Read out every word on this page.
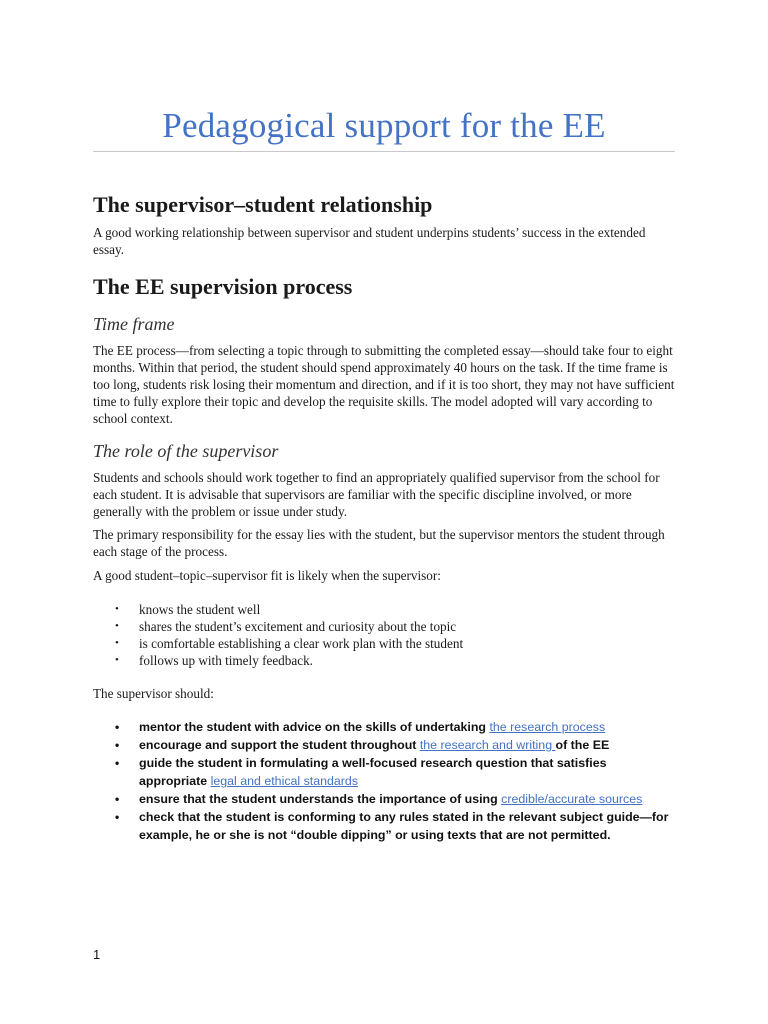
Pedagogical support for the EE
The supervisor–student relationship

A good working relationship between supervisor and student underpins students’ success in the extended essay.

The EE supervision process
Time frame

The EE process—from selecting a topic through to submitting the completed essay—should take four to eight months. Within that period, the student should spend approximately 40 hours on the task. If the time frame is too long, students risk losing their momentum and direction, and if it is too short, they may not have sufficient time to fully explore their topic and develop the requisite skills. The model adopted will vary according to school context.

The role of the supervisor

Students and schools should work together to find an appropriately qualified supervisor from the school for each student. It is advisable that supervisors are familiar with the specific discipline involved, or more generally with the problem or issue under study.

The primary responsibility for the essay lies with the student, but the supervisor mentors the student through each stage of the process.

A good student–topic–supervisor fit is likely when the supervisor:

• knows the student well
• shares the student’s excitement and curiosity about the topic
• is comfortable establishing a clear work plan with the student
• follows up with timely feedback.

The supervisor should:

• mentor the student with advice on the skills of undertaking the research process
• encourage and support the student throughout the research and writing of the EE
• guide the student in formulating a well-focused research question that satisfies appropriate legal and ethical standards
• ensure that the student understands the importance of using credible/accurate sources
• check that the student is conforming to any rules stated in the relevant subject guide—for example, he or she is not “double dipping” or using texts that are not permitted.
1
